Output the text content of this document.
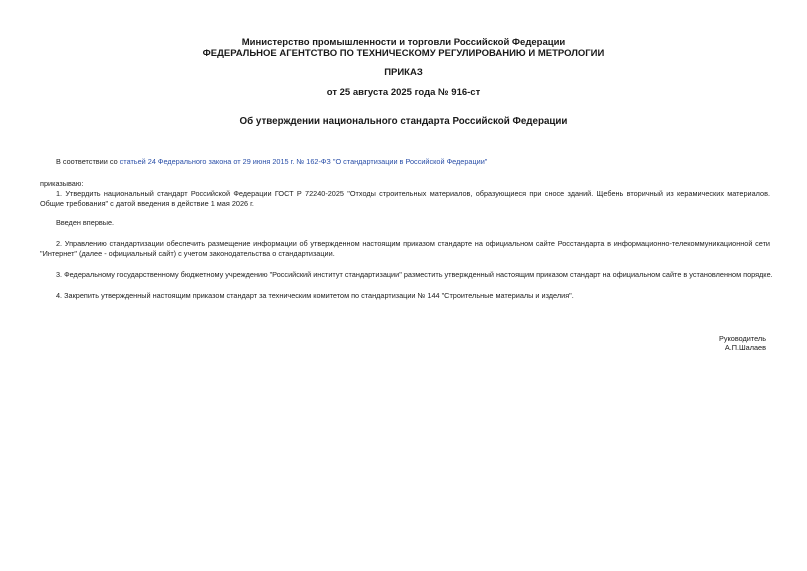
Министерство промышленности и торговли Российской Федерации
ФЕДЕРАЛЬНОЕ АГЕНТСТВО ПО ТЕХНИЧЕСКОМУ РЕГУЛИРОВАНИЮ И МЕТРОЛОГИИ
ПРИКАЗ
от 25 августа 2025 года № 916-ст
Об утверждении национального стандарта Российской Федерации
В соответствии со статьей 24 Федерального закона от 29 июня 2015 г. № 162-ФЗ "О стандартизации в Российской Федерации"
приказываю:
1. Утвердить национальный стандарт Российской Федерации ГОСТ Р 72240-2025 "Отходы строительных материалов, образующиеся при сносе зданий. Щебень вторичный из керамических материалов. Общие требования" с датой введения в действие 1 мая 2026 г.
Введен впервые.
2. Управлению стандартизации обеспечить размещение информации об утвержденном настоящим приказом стандарте на официальном сайте Росстандарта в информационно-телекоммуникационной сети "Интернет" (далее - официальный сайт) с учетом законодательства о стандартизации.
3. Федеральному государственному бюджетному учреждению "Российский институт стандартизации" разместить утвержденный настоящим приказом стандарт на официальном сайте в установленном порядке.
4. Закрепить утвержденный настоящим приказом стандарт за техническим комитетом по стандартизации № 144 "Строительные материалы и изделия".
Руководитель
А.П.Шалаев
